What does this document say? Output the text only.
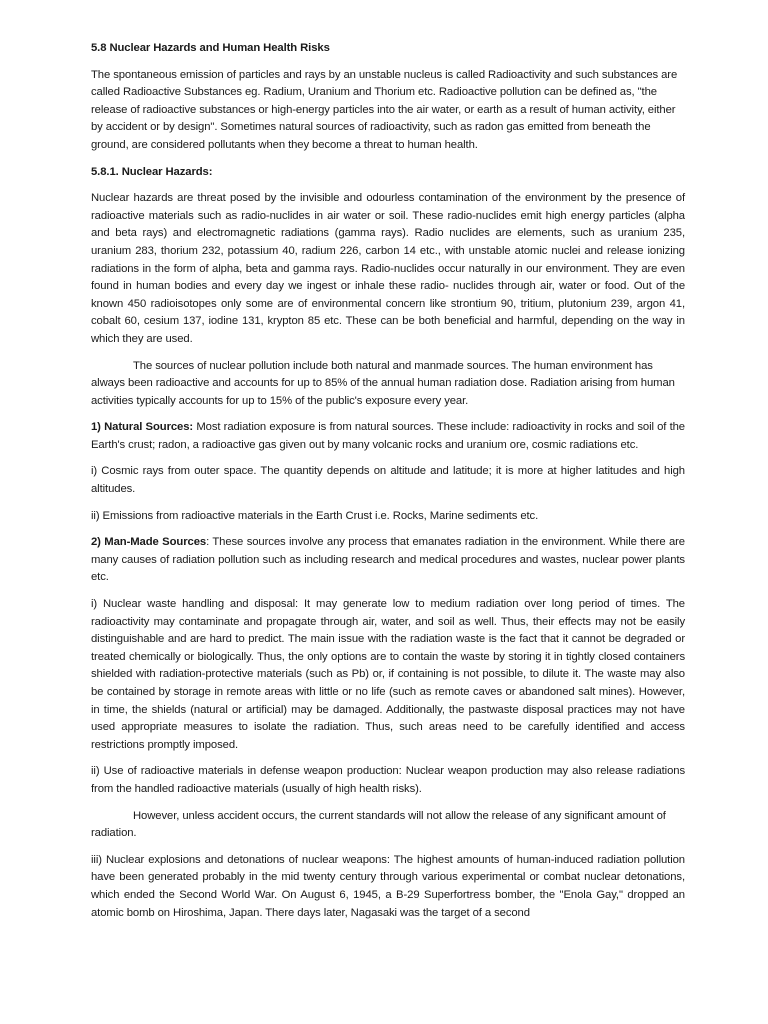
5.8 Nuclear Hazards and Human Health Risks

The spontaneous emission of particles and rays by an unstable nucleus is called Radioactivity and such substances are called Radioactive Substances eg. Radium, Uranium and Thorium etc. Radioactive pollution can be defined as, "the release of radioactive substances or high-energy particles into the air water, or earth as a result of human activity, either by accident or by design". Sometimes natural sources of radioactivity, such as radon gas emitted from beneath the ground, are considered pollutants when they become a threat to human health.

5.8.1. Nuclear Hazards:

Nuclear hazards are threat posed by the invisible and odourless contamination of the environment by the presence of radioactive materials such as radio-nuclides in air water or soil. These radio-nuclides emit high energy particles (alpha and beta rays) and electromagnetic radiations (gamma rays). Radio nuclides are elements, such as uranium 235, uranium 283, thorium 232, potassium 40, radium 226, carbon 14 etc., with unstable atomic nuclei and release ionizing radiations in the form of alpha, beta and gamma rays. Radio-nuclides occur naturally in our environment. They are even found in human bodies and every day we ingest or inhale these radio- nuclides through air, water or food. Out of the known 450 radioisotopes only some are of environmental concern like strontium 90, tritium, plutonium 239, argon 41, cobalt 60, cesium 137, iodine 131, krypton 85 etc. These can be both beneficial and harmful, depending on the way in which they are used.

The sources of nuclear pollution include both natural and manmade sources. The human environment has always been radioactive and accounts for up to 85% of the annual human radiation dose. Radiation arising from human activities typically accounts for up to 15% of the public's exposure every year.

1) Natural Sources: Most radiation exposure is from natural sources. These include: radioactivity in rocks and soil of the Earth's crust; radon, a radioactive gas given out by many volcanic rocks and uranium ore, cosmic radiations etc.

i) Cosmic rays from outer space. The quantity depends on altitude and latitude; it is more at higher latitudes and high altitudes.

ii) Emissions from radioactive materials in the Earth Crust i.e. Rocks, Marine sediments etc.

2) Man-Made Sources: These sources involve any process that emanates radiation in the environment. While there are many causes of radiation pollution such as including research and medical procedures and wastes, nuclear power plants etc.

i) Nuclear waste handling and disposal: It may generate low to medium radiation over long period of times. The radioactivity may contaminate and propagate through air, water, and soil as well. Thus, their effects may not be easily distinguishable and are hard to predict. The main issue with the radiation waste is the fact that it cannot be degraded or treated chemically or biologically. Thus, the only options are to contain the waste by storing it in tightly closed containers shielded with radiation-protective materials (such as Pb) or, if containing is not possible, to dilute it. The waste may also be contained by storage in remote areas with little or no life (such as remote caves or abandoned salt mines). However, in time, the shields (natural or artificial) may be damaged. Additionally, the pastwaste disposal practices may not have used appropriate measures to isolate the radiation. Thus, such areas need to be carefully identified and access restrictions promptly imposed.

ii) Use of radioactive materials in defense weapon production: Nuclear weapon production may also release radiations from the handled radioactive materials (usually of high health risks).

However, unless accident occurs, the current standards will not allow the release of any significant amount of radiation.

iii) Nuclear explosions and detonations of nuclear weapons: The highest amounts of human-induced radiation pollution have been generated probably in the mid twenty century through various experimental or combat nuclear detonations, which ended the Second World War. On August 6, 1945, a B-29 Superfortress bomber, the "Enola Gay," dropped an atomic bomb on Hiroshima, Japan. There days later, Nagasaki was the target of a second
